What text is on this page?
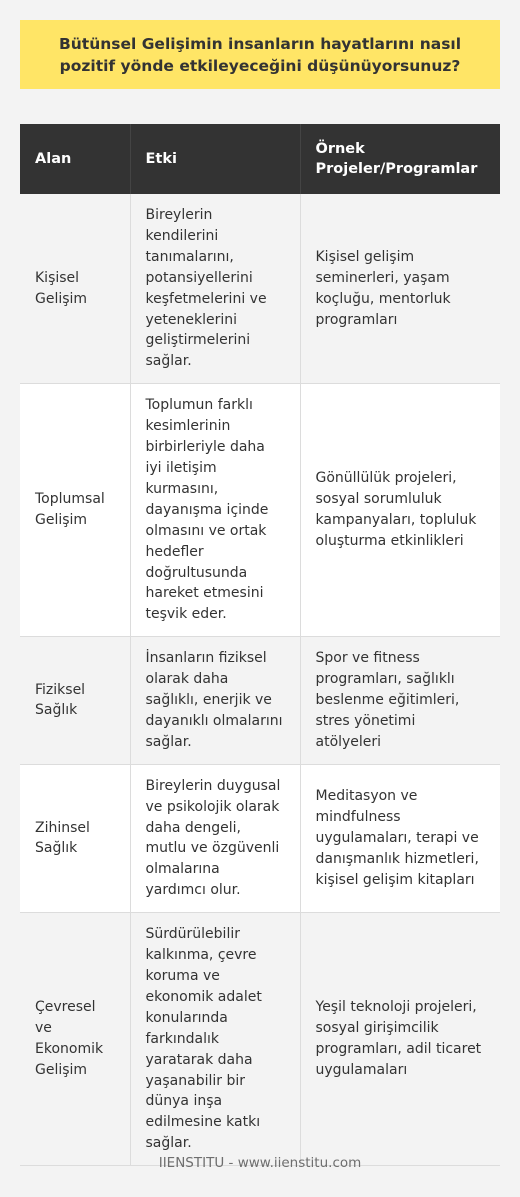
Bütünsel Gelişimin insanların hayatlarını nasıl pozitif yönde etkileyeceğini düşünüyorsunuz?
Alan	Etki	Örnek Projeler/Programlar
Kişisel Gelişim	Bireylerin kendilerini tanımalarını, potansiyellerini keşfetmelerini ve yeteneklerini geliştirmelerini sağlar.	Kişisel gelişim seminerleri, yaşam koçluğu, mentorluk programları
Toplumsal Gelişim	Toplumun farklı kesimlerinin birbirleriyle daha iyi iletişim kurmasını, dayanışma içinde olmasını ve ortak hedefler doğrultusunda hareket etmesini teşvik eder.	Gönüllülük projeleri, sosyal sorumluluk kampanyaları, topluluk oluşturma etkinlikleri
Fiziksel Sağlık	İnsanların fiziksel olarak daha sağlıklı, enerjik ve dayanıklı olmalarını sağlar.	Spor ve fitness programları, sağlıklı beslenme eğitimleri, stres yönetimi atölyeleri
Zihinsel Sağlık	Bireylerin duygusal ve psikolojik olarak daha dengeli, mutlu ve özgüvenli olmalarına yardımcı olur.	Meditasyon ve mindfulness uygulamaları, terapi ve danışmanlık hizmetleri, kişisel gelişim kitapları
Çevresel ve Ekonomik Gelişim	Sürdürülebilir kalkınma, çevre koruma ve ekonomik adalet konularında farkındalık yaratarak daha yaşanabilir bir dünya inşa edilmesine katkı sağlar.	Yeşil teknoloji projeleri, sosyal girişimcilik programları, adil ticaret uygulamaları
IIENSTITU - www.iienstitu.com
